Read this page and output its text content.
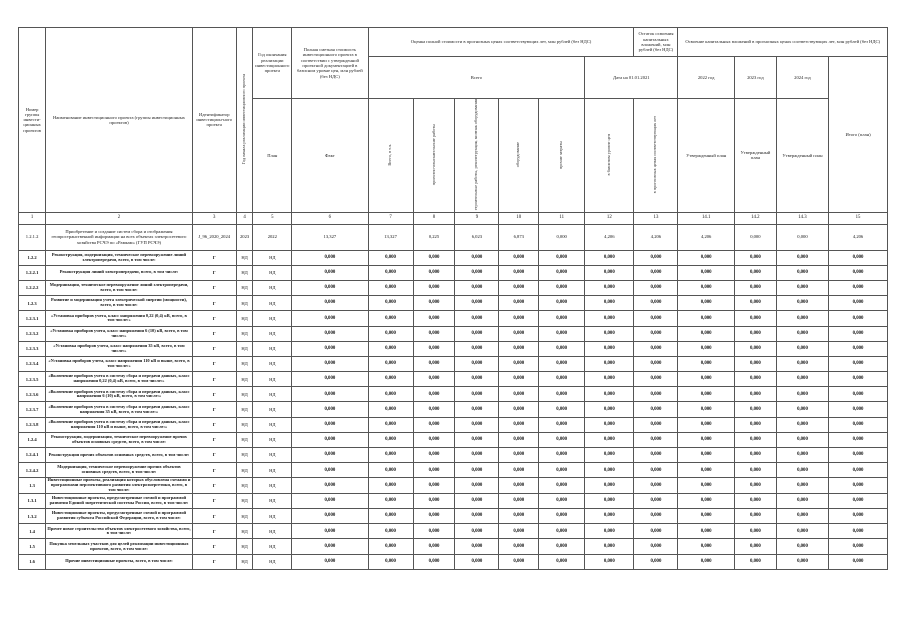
Номер группы инвести-ционных проектов	Наименование инвестиционного проекта (группы инвестиционных проектов)	Идентификатор инвестицион-ного проекта	Год начала реализации инвестиционного проекта	Год окончания реализации инвестиционного проекта	Полная сметная стоимость инвестиционного проекта в соответствии с утвержденной проектной документацией в базисном уровне цен, млн рублей (без НДС)	Оценка полной стоимости в прогнозных ценах соответствующих лет, млн рублей (без НДС)						Остаток освоения капитальных вложений, млн рублей (без НДС)	Освоение капитальных вложений в прогнозных ценах соответствующих лет, млн рублей (без НДС)			
						Всего					Дата на 01.01.2021		2022 год	2023 год	2024 год	Итого (план)
				План	Факт	Всего, в т.ч.	проектно-изыскательские работы	строительные работы, реконструкция, монтаж оборудования	оборудование	прочие затраты	в базисном уровне цен	в прогнозных ценах соответствующих лет	Утвержденный план	Утвержденный план	Утвержденный план	
1	2	3	4	5	6	7	8	9	10	11	12	13	14.1	14.2	14.3	15
1.2.1.2	Приобретение и создание систем сбора и отображения геопространственной информации на всех объектах электросетевого хозяйства РСЧЭ по «Рамкам» (ГУП РСЧЭ)	J_96_2020_2024	2023	2022	13,327	13,327	0,225	6,023	6,873	0,000	4,206	4,206	4,206	0,000	0,000	4,206
1.2.2	Реконструкция, модернизация, техническое перевооружение линий электропередачи, всего, в том числе:	Г	НД	НД	0,000	0,000	0,000	0,000	0,000	0,000	0,000	0,000	0,000	0,000	0,000	0,000
1.2.2.1	Реконструкция линий электропередачи, всего, в том числе:	Г	НД	НД	0,000	0,000	0,000	0,000	0,000	0,000	0,000	0,000	0,000	0,000	0,000	0,000
1.2.2.2	Модернизация, техническое перевооружение линий электропередачи, всего, в том числе:	Г	НД	НД	0,000	0,000	0,000	0,000	0,000	0,000	0,000	0,000	0,000	0,000	0,000	0,000
1.2.3	Развитие и модернизация учета электрической энергии (мощности), всего, в том числе:	Г	НД	НД	0,000	0,000	0,000	0,000	0,000	0,000	0,000	0,000	0,000	0,000	0,000	0,000
1.2.3.1	«Установка приборов учета, класс напряжения 0,22 (0,4) кВ, всего, в том числе:»	Г	НД	НД	0,000	0,000	0,000	0,000	0,000	0,000	0,000	0,000	0,000	0,000	0,000	0,000
1.2.3.2	«Установка приборов учета, класс напряжения 6 (10) кВ, всего, в том числе:»	Г	НД	НД	0,000	0,000	0,000	0,000	0,000	0,000	0,000	0,000	0,000	0,000	0,000	0,000
1.2.3.3	«Установка приборов учета, класс напряжения 35 кВ, всего, в том числе:»	Г	НД	НД	0,000	0,000	0,000	0,000	0,000	0,000	0,000	0,000	0,000	0,000	0,000	0,000
1.2.3.4	«Установка приборов учета, класс напряжения 110 кВ и выше, всего, в том числе:»	Г	НД	НД	0,000	0,000	0,000	0,000	0,000	0,000	0,000	0,000	0,000	0,000	0,000	0,000
1.2.3.5	«Включение приборов учета в систему сбора и передачи данных, класс напряжения 0,22 (0,4) кВ, всего, в том числе:»	Г	НД	НД	0,000	0,000	0,000	0,000	0,000	0,000	0,000	0,000	0,000	0,000	0,000	0,000
1.2.3.6	«Включение приборов учета в систему сбора и передачи данных, класс напряжения 6 (10) кВ, всего, в том числе:»	Г	НД	НД	0,000	0,000	0,000	0,000	0,000	0,000	0,000	0,000	0,000	0,000	0,000	0,000
1.2.3.7	«Включение приборов учета в систему сбора и передачи данных, класс напряжения 35 кВ, всего, в том числе:»	Г	НД	НД	0,000	0,000	0,000	0,000	0,000	0,000	0,000	0,000	0,000	0,000	0,000	0,000
1.2.3.8	«Включение приборов учета в систему сбора и передачи данных, класс напряжения 110 кВ и выше, всего, в том числе:»	Г	НД	НД	0,000	0,000	0,000	0,000	0,000	0,000	0,000	0,000	0,000	0,000	0,000	0,000
1.2.4	Реконструкция, модернизация, техническое перевооружение прочих объектов основных средств, всего, в том числе:	Г	НД	НД	0,000	0,000	0,000	0,000	0,000	0,000	0,000	0,000	0,000	0,000	0,000	0,000
1.2.4.1	Реконструкция прочих объектов основных средств, всего, в том числе:	Г	НД	НД	0,000	0,000	0,000	0,000	0,000	0,000	0,000	0,000	0,000	0,000	0,000	0,000
1.2.4.2	Модернизация, техническое перевооружение прочих объектов основных средств, всего, в том числе:	Г	НД	НД	0,000	0,000	0,000	0,000	0,000	0,000	0,000	0,000	0,000	0,000	0,000	0,000
1.3	Инвестиционные проекты, реализация которых обусловлена схемами и программами перспективного развития электроэнергетики, всего, в том числе:	Г	НД	НД	0,000	0,000	0,000	0,000	0,000	0,000	0,000	0,000	0,000	0,000	0,000	0,000
1.3.1	Инвестиционные проекты, предусмотренные схемой и программой развития Единой энергетической системы России, всего, в том числе:	Г	НД	НД	0,000	0,000	0,000	0,000	0,000	0,000	0,000	0,000	0,000	0,000	0,000	0,000
1.3.2	Инвестиционные проекты, предусмотренные схемой и программой развития субъекта Российской Федерации, всего, в том числе:	Г	НД	НД	0,000	0,000	0,000	0,000	0,000	0,000	0,000	0,000	0,000	0,000	0,000	0,000
1.4	Прочее новое строительство объектов электросетевого хозяйства, всего, в том числе:	Г	НД	НД	0,000	0,000	0,000	0,000	0,000	0,000	0,000	0,000	0,000	0,000	0,000	0,000
1.5	Покупка земельных участков для целей реализации инвестиционных проектов, всего, в том числе:	Г	НД	НД	0,000	0,000	0,000	0,000	0,000	0,000	0,000	0,000	0,000	0,000	0,000	0,000
1.6	Прочие инвестиционные проекты, всего, в том числе:	Г	НД	НД	0,000	0,000	0,000	0,000	0,000	0,000	0,000	0,000	0,000	0,000	0,000	0,000
